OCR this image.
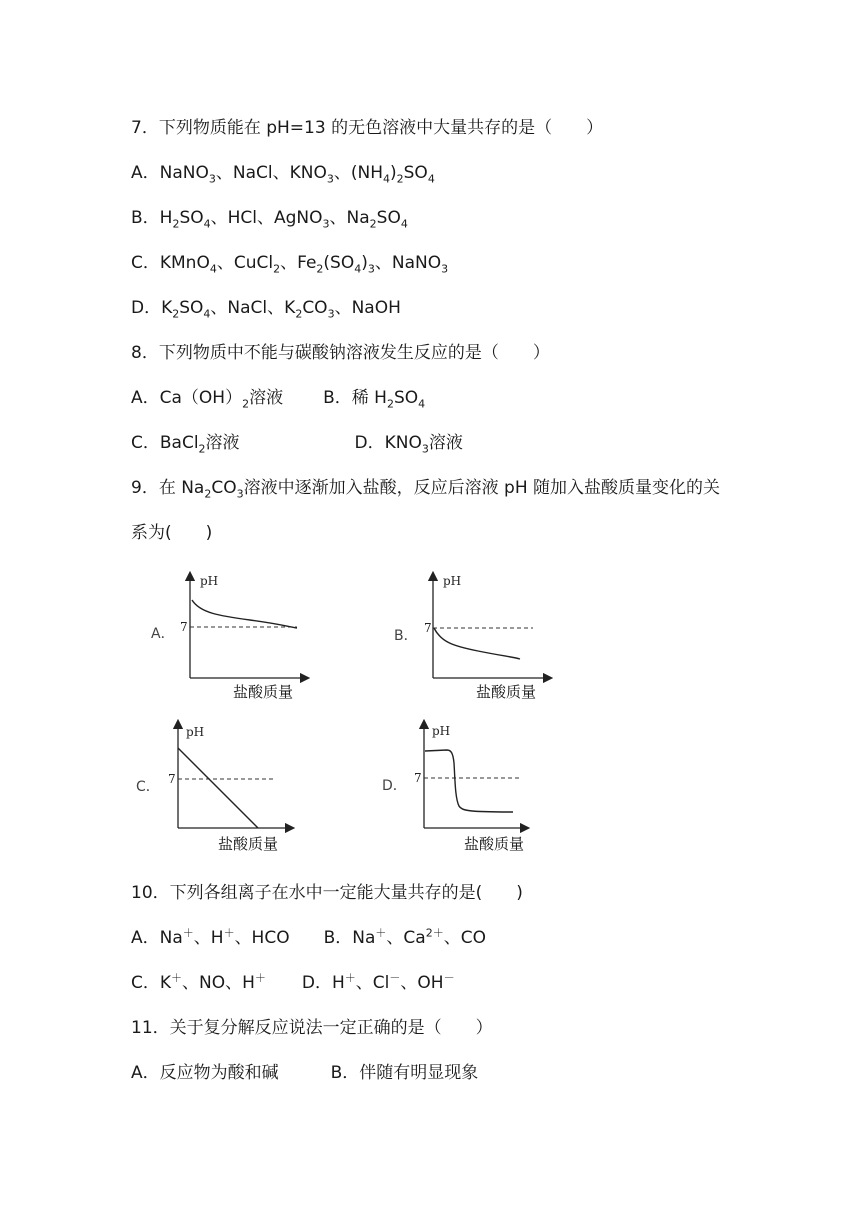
7．下列物质能在 pH=13 的无色溶液中大量共存的是（　　）
A．NaNO$_3$、NaCl、$KNO_3$、$(NH_4)_2SO_4$
B．$H_2SO_4$、HCl、AgNO$_3$、$Na_2SO_4$
C．KMnO$_4$、CuCl$_2$、$Fe_2(SO_4)_3$、NaNO$_3$
D．$K_2SO_4$、NaCl、$K_2CO_3$、NaOH
8．下列物质中不能与碳酸钠溶液发生反应的是（　　）
A．$Ca(OH)_2$溶液 B．稀 $H_2SO_4$
C．BaCl$_2$溶液	D．$KNO_3$溶液
9．在 $Na_2CO_3$溶液中逐渐加入盐酸，反应后溶液 pH 随加入盐酸质量变化的关
系为(　　)
pH
7
A．
盐酸质量
pH
7
B．
盐酸质量
pH
7
C．
盐酸质量
pH
7
D．
盐酸质量
10．下列各组离子在水中一定能大量共存的是(　　)
A．Na＋、H＋、HCO B．Na＋、$Ca^{2+}$、CO
C．K＋、NO、H＋ D．H＋、Cl－、OH－
11．关于复分解反应说法一定正确的是（　　）
A．反应物为酸和碱	B．伴随有明显现象
